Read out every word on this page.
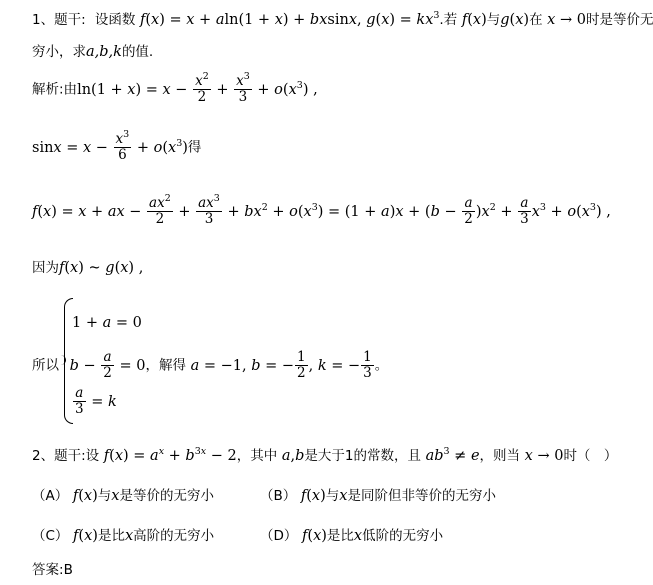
1、题干: 设函数 f(x) = x + aln(1 + x) + bxsinx, $g(x) = kx^3$.若 f(x)与g(x)在 x → 0时是等价无
穷小，求a,b,k的值.
解析:由$\ln(1 + x) = x - \frac{x^2}{2} + \frac{x^3}{3} + o(x^3)$ ,
$\sin x = x - \frac{x^3}{6} + o(x^3)$得
f(x) = x + ax − $\frac{ax^2}{2} + \frac{ax^3}{3} + bx^2 + o(x^3) = (1 + a)x + (b - \frac{a}{2} )x^2 + \frac{a}{3} x^3 + o(x^3)$ ,
因为f(x) ~ g(x) ,
1 + a = 0
所以 $b - \frac{a}{2} = 0$，解得 a = −1, b = − $\frac{1}{2}$ , k = − $\frac{1}{3}$ 。
$\frac{a}{3} = k$
2、题干:设 $f(x) = a^x + b^{3x} - 2$，其中 a,b是大于1的常数，且 $ab^3 \ne e$，则当 x → 0时（　）
（A） f(x)与x是等价的无穷小	（B） f(x)与x是同阶但非等价的无穷小
（C） f(x)是比x高阶的无穷小	（D） f(x)是比x低阶的无穷小
答案:B
